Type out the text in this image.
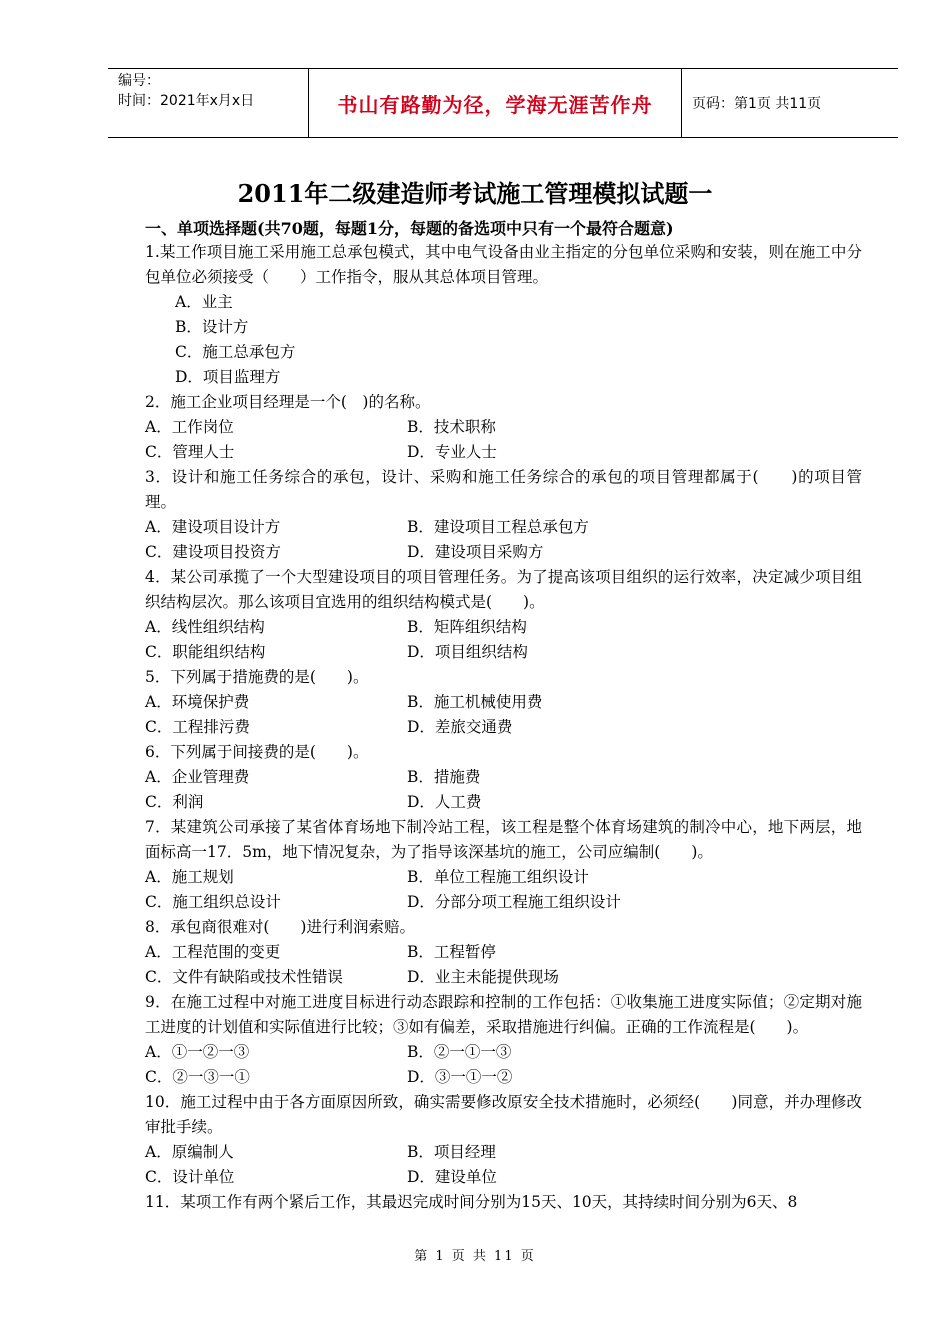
编号：
时间：2021年x月x日	书山有路勤为径，学海无涯苦作舟	页码：第1页 共11页
2011年二级建造师考试施工管理模拟试题一
一、单项选择题(共70题，每题1分，每题的备选项中只有一个最符合题意)
1.某工作项目施工采用施工总承包模式，其中电气设备由业主指定的分包单位采购和安装，则在施工中分包单位必须接受（　　）工作指令，服从其总体项目管理。
A．业主
B．设计方
C．施工总承包方
D．项目监理方
2．施工企业项目经理是一个(　)的名称。
A．工作岗位	B．技术职称
C．管理人士	D．专业人士
3．设计和施工任务综合的承包，设计、采购和施工任务综合的承包的项目管理都属于(　　)的项目管理。
A．建设项目设计方	B．建设项目工程总承包方
C．建设项目投资方	D．建设项目采购方
4．某公司承揽了一个大型建设项目的项目管理任务。为了提高该项目组织的运行效率，决定减少项目组织结构层次。那么该项目宜选用的组织结构模式是(　　)。
A．线性组织结构	B．矩阵组织结构
C．职能组织结构	D．项目组织结构
5．下列属于措施费的是(　　)。
A．环境保护费	B．施工机械使用费
C．工程排污费	D．差旅交通费
6．下列属于间接费的是(　　)。
A．企业管理费	B．措施费
C．利润	D．人工费
7．某建筑公司承接了某省体育场地下制冷站工程，该工程是整个体育场建筑的制冷中心，地下两层，地面标高一17．5m，地下情况复杂，为了指导该深基坑的施工，公司应编制(　　)。
A．施工规划	B．单位工程施工组织设计
C．施工组织总设计	D．分部分项工程施工组织设计
8．承包商很难对(　　)进行利润索赔。
A．工程范围的变更	B．工程暂停
C．文件有缺陷或技术性错误	D．业主未能提供现场
9．在施工过程中对施工进度目标进行动态跟踪和控制的工作包括：①收集施工进度实际值；②定期对施工进度的计划值和实际值进行比较；③如有偏差，采取措施进行纠偏。正确的工作流程是(　　)。
A．①一②一③	B．②一①一③
C．②一③一①	D．③一①一②
10．施工过程中由于各方面原因所致，确实需要修改原安全技术措施时，必须经(　　)同意，并办理修改审批手续。
A．原编制人	B．项目经理
C．设计单位	D．建设单位
11．某项工作有两个紧后工作，其最迟完成时间分别为15天、10天，其持续时间分别为6天、8
第 1 页 共 11 页
